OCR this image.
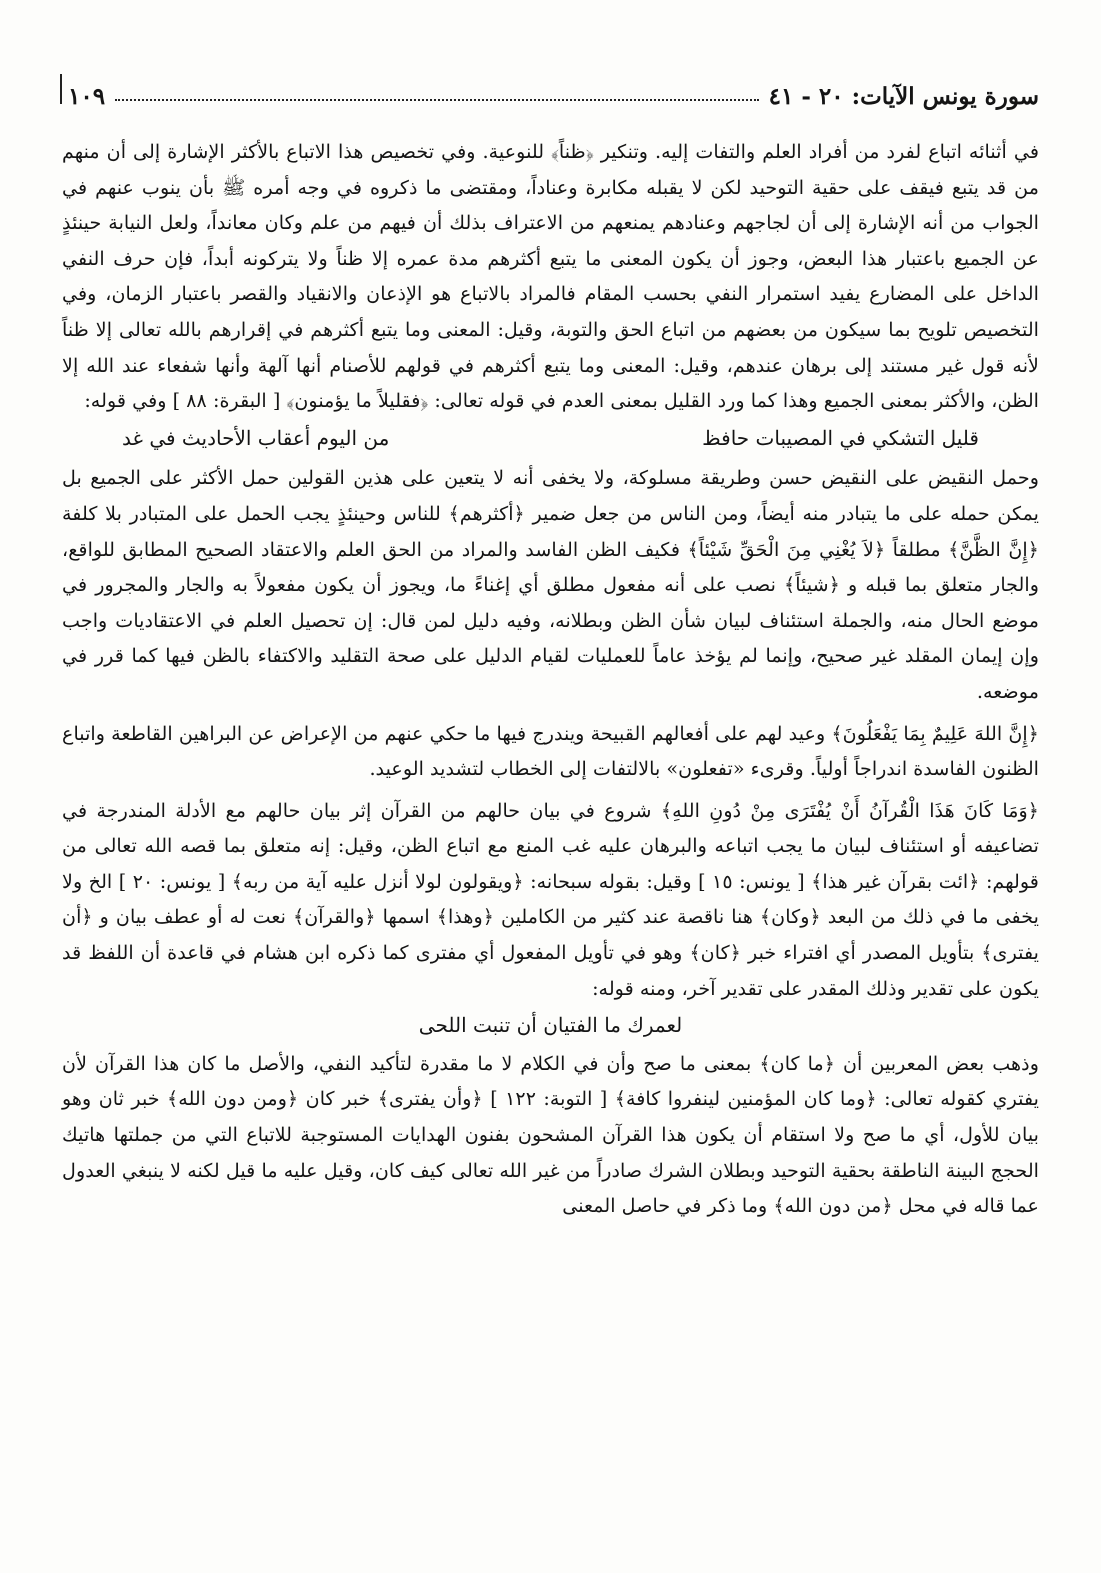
سورة يونس الآيات: ٢٠ - ٤١
١٠٩

في أثنائه اتباع لفرد من أفراد العلم والتفات إليه. وتنكير ﴿ظناً﴾ للنوعية. وفي تخصيص هذا الاتباع بالأكثر الإشارة إلى أن منهم من قد يتبع فيقف على حقية التوحيد لكن لا يقبله مكابرة وعناداً، ومقتضى ما ذكروه في وجه أمره ﷺ بأن ينوب عنهم في الجواب من أنه الإشارة إلى أن لجاجهم وعنادهم يمنعهم من الاعتراف بذلك أن فيهم من علم وكان معانداً، ولعل النيابة حينئذٍ عن الجميع باعتبار هذا البعض، وجوز أن يكون المعنى ما يتبع أكثرهم مدة عمره إلا ظناً ولا يتركونه أبداً، فإن حرف النفي الداخل على المضارع يفيد استمرار النفي بحسب المقام فالمراد بالاتباع هو الإذعان والانقياد والقصر باعتبار الزمان، وفي التخصيص تلويح بما سيكون من بعضهم من اتباع الحق والتوبة، وقيل: المعنى وما يتبع أكثرهم في إقرارهم بالله تعالى إلا ظناً لأنه قول غير مستند إلى برهان عندهم، وقيل: المعنى وما يتبع أكثرهم في قولهم للأصنام أنها آلهة وأنها شفعاء عند الله إلا الظن، والأكثر بمعنى الجميع وهذا كما ورد القليل بمعنى العدم في قوله تعالى: ﴿فقليلاً ما يؤمنون﴾ [ البقرة: ٨٨ ] وفي قوله:

قليل التشكي في المصيبات حافظ
من اليوم أعقاب الأحاديث في غد

وحمل النقيض على النقيض حسن وطريقة مسلوكة، ولا يخفى أنه لا يتعين على هذين القولين حمل الأكثر على الجميع بل يمكن حمله على ما يتبادر منه أيضاً، ومن الناس من جعل ضمير ﴿أكثرهم﴾ للناس وحينئذٍ يجب الحمل على المتبادر بلا كلفة ﴿إِنَّ الظَّنَّ﴾ مطلقاً ﴿لاَ يُغْنِي مِنَ الْحَقِّ شَيْئاً﴾ فكيف الظن الفاسد والمراد من الحق العلم والاعتقاد الصحيح المطابق للواقع، والجار متعلق بما قبله و ﴿شيئاً﴾ نصب على أنه مفعول مطلق أي إغناءً ما، ويجوز أن يكون مفعولاً به والجار والمجرور في موضع الحال منه، والجملة استئناف لبيان شأن الظن وبطلانه، وفيه دليل لمن قال: إن تحصيل العلم في الاعتقاديات واجب وإن إيمان المقلد غير صحيح، وإنما لم يؤخذ عاماً للعمليات لقيام الدليل على صحة التقليد والاكتفاء بالظن فيها كما قرر في موضعه.

﴿إِنَّ اللهَ عَلِيمٌ بِمَا يَفْعَلُونَ﴾ وعيد لهم على أفعالهم القبيحة ويندرج فيها ما حكي عنهم من الإعراض عن البراهين القاطعة واتباع الظنون الفاسدة اندراجاً أولياً. وقرىء «تفعلون» بالالتفات إلى الخطاب لتشديد الوعيد.

﴿وَمَا كَانَ هَذَا الْقُرآنُ أَنْ يُفْتَرَى مِنْ دُونِ اللهِ﴾ شروع في بيان حالهم من القرآن إثر بيان حالهم مع الأدلة المندرجة في تضاعيفه أو استئناف لبيان ما يجب اتباعه والبرهان عليه غب المنع مع اتباع الظن، وقيل: إنه متعلق بما قصه الله تعالى من قولهم: ﴿ائت بقرآن غير هذا﴾ [ يونس: ١٥ ] وقيل: بقوله سبحانه: ﴿ويقولون لولا أنزل عليه آية من ربه﴾ [ يونس: ٢٠ ] الخ ولا يخفى ما في ذلك من البعد ﴿وكان﴾ هنا ناقصة عند كثير من الكاملين ﴿وهذا﴾ اسمها ﴿والقرآن﴾ نعت له أو عطف بيان و ﴿أن يفترى﴾ بتأويل المصدر أي افتراء خبر ﴿كان﴾ وهو في تأويل المفعول أي مفترى كما ذكره ابن هشام في قاعدة أن اللفظ قد يكون على تقدير وذلك المقدر على تقدير آخر، ومنه قوله:

لعمرك ما الفتيان أن تنبت اللحى

وذهب بعض المعربين أن ﴿ما كان﴾ بمعنى ما صح وأن في الكلام لا ما مقدرة لتأكيد النفي، والأصل ما كان هذا القرآن لأن يفتري كقوله تعالى: ﴿وما كان المؤمنين لينفروا كافة﴾ [ التوبة: ١٢٢ ] ﴿وأن يفترى﴾ خبر كان ﴿ومن دون الله﴾ خبر ثان وهو بيان للأول، أي ما صح ولا استقام أن يكون هذا القرآن المشحون بفنون الهدايات المستوجبة للاتباع التي من جملتها هاتيك الحجج البينة الناطقة بحقية التوحيد وبطلان الشرك صادراً من غير الله تعالى كيف كان، وقيل عليه ما قيل لكنه لا ينبغي العدول عما قاله في محل ﴿من دون الله﴾ وما ذكر في حاصل المعنى
